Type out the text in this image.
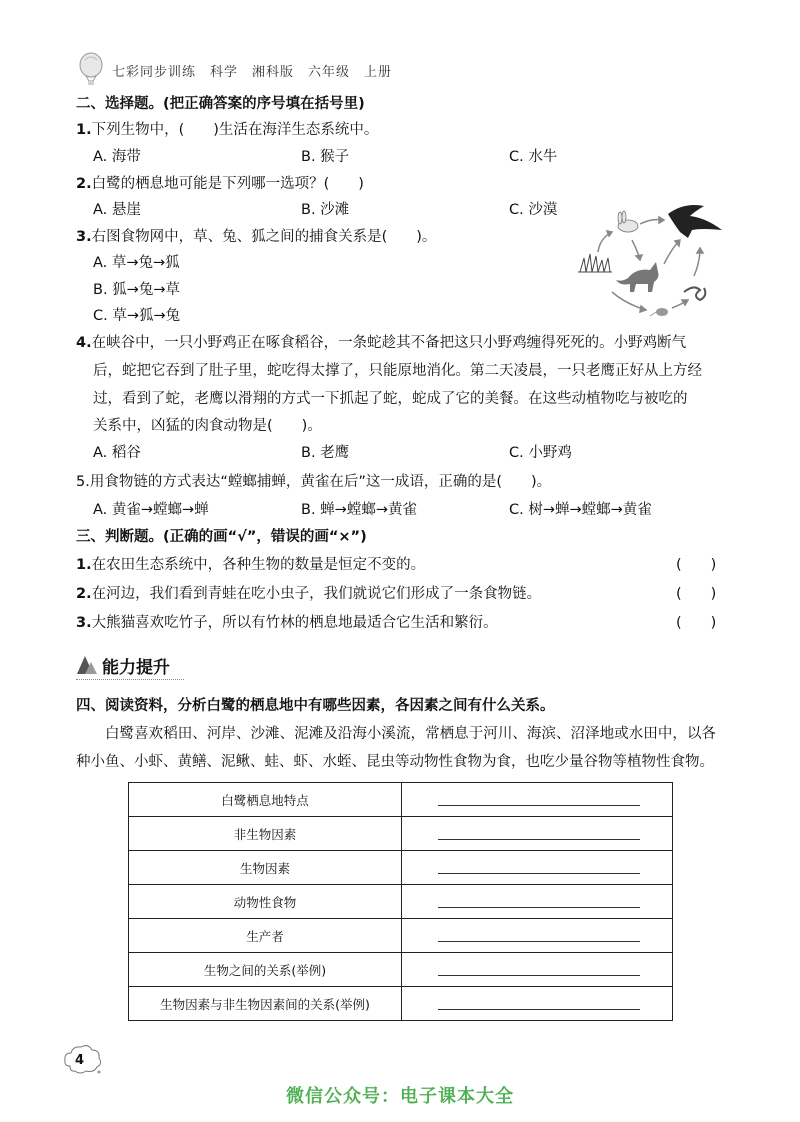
七彩同步训练　科学　湘科版　六年级　上册
二、选择题。(把正确答案的序号填在括号里)
1.下列生物中，(　　)生活在海洋生态系统中。
A. 海带	B. 猴子	C. 水牛
2.白鹭的栖息地可能是下列哪一选项？(　　)
A. 悬崖	B. 沙滩	C. 沙漠
3.右图食物网中，草、兔、狐之间的捕食关系是(　　)。
A. 草→兔→狐
B. 狐→兔→草
C. 草→狐→兔
4.在峡谷中，一只小野鸡正在啄食稻谷，一条蛇趁其不备把这只小野鸡缠得死死的。小野鸡断气
后，蛇把它吞到了肚子里，蛇吃得太撑了，只能原地消化。第二天凌晨，一只老鹰正好从上方经
过，看到了蛇，老鹰以滑翔的方式一下抓起了蛇，蛇成了它的美餐。在这些动植物吃与被吃的
关系中，凶猛的肉食动物是(　　)。
A. 稻谷	B. 老鹰	C. 小野鸡
5.用食物链的方式表达“螳螂捕蝉，黄雀在后”这一成语，正确的是(　　)。
A. 黄雀→螳螂→蝉	B. 蝉→螳螂→黄雀	C. 树→蝉→螳螂→黄雀
三、判断题。(正确的画“√”，错误的画“×”)
1.在农田生态系统中，各种生物的数量是恒定不变的。	(　　)
2.在河边，我们看到青蛙在吃小虫子，我们就说它们形成了一条食物链。	(　　)
3.大熊猫喜欢吃竹子，所以有竹林的栖息地最适合它生活和繁衍。	(　　)
能力提升
四、阅读资料，分析白鹭的栖息地中有哪些因素，各因素之间有什么关系。
白鹭喜欢稻田、河岸、沙滩、泥滩及沿海小溪流，常栖息于河川、海滨、沼泽地或水田中，以各种小鱼、小虾、黄鳝、泥鳅、蛙、虾、水蛭、昆虫等动物性食物为食，也吃少量谷物等植物性食物。
白鹭栖息地特点	

非生物因素	

生物因素	

动物性食物	

生产者	

生物之间的关系(举例)	

生物因素与非生物因素间的关系(举例)	
4
微信公众号：电子课本大全
